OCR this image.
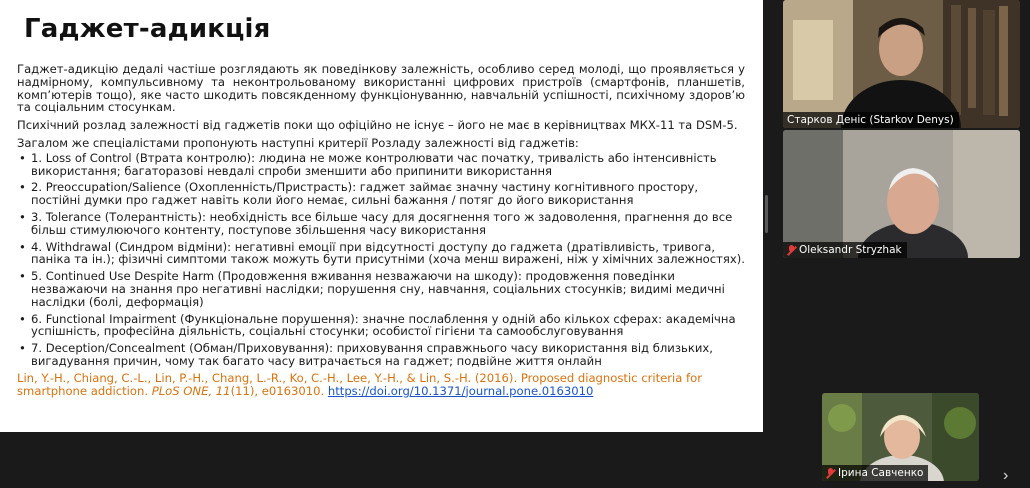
Гаджет-адикція

Гаджет-адикцію дедалі частіше розглядають як поведінкову залежність, особливо серед молоді, що проявляється у надмірному, компульсивному та неконтрольованому використанні цифрових пристроїв (смартфонів, планшетів, комп’ютерів тощо), яке часто шкодить повсякденному функціонуванню, навчальній успішності, психічному здоров’ю та соціальним стосункам.

Психічний розлад залежності від гаджетів поки що офіційно не існує – його не має в керівництвах МКХ-11 та DSM-5.

Загалом же спеціалістами пропонують наступні критерії Розладу залежності від гаджетів:

• 1. Loss of Control (Втрата контролю): людина не може контролювати час початку, тривалість або інтенсивність використання; багаторазові невдалі спроби зменшити або припинити використання
• 2. Preoccupation/Salience (Охопленність/Пристрасть): гаджет займає значну частину когнітивного простору, постійні думки про гаджет навіть коли його немає, сильні бажання / потяг до його використання
• 3. Tolerance (Толерантність): необхідність все більше часу для досягнення того ж задоволення, прагнення до все більш стимулюючого контенту, поступове збільшення часу використання
• 4. Withdrawal (Синдром відміни): негативні емоції при відсутності доступу до гаджета (дратівливість, тривога, паніка та ін.); фізичні симптоми також можуть бути присутніми (хоча менш виражені, ніж у хімічних залежностях).
• 5. Continued Use Despite Harm (Продовження вживання незважаючи на шкоду): продовження поведінки незважаючи на знання про негативні наслідки; порушення сну, навчання, соціальних стосунків; видимі медичні наслідки (болі, деформація)
• 6. Functional Impairment (Функціональне порушення): значне послаблення у одній або кількох сферах: академічна успішність, професійна діяльність, соціальні стосунки; особистої гігієни та самообслуговування
• 7. Deception/Concealment (Обман/Приховування): приховування справжнього часу використання від близьких, вигадування причин, чому так багато часу витрачається на гаджет; подвійне життя онлайн
Lin, Y.-H., Chiang, C.-L., Lin, P.-H., Chang, L.-R., Ko, C.-H., Lee, Y.-H., & Lin, S.-H. (2016). Proposed diagnostic criteria for smartphone addiction. PLoS ONE, 11(11), e0163010. https://doi.org/10.1371/journal.pone.0163010
Старков Деніс (Starkov Denys)
Oleksandr Stryzhak
Ірина Савченко	›
